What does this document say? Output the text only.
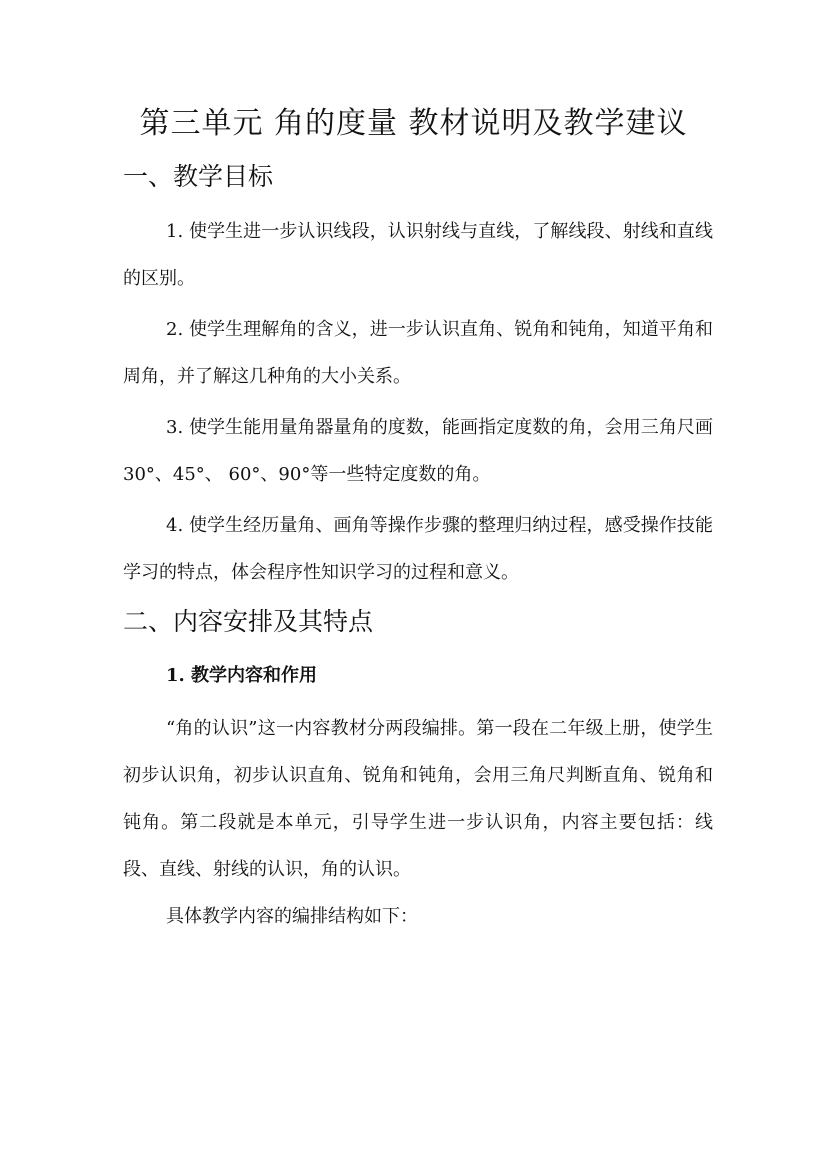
第三单元 角的度量 教材说明及教学建议
一、教学目标

1. 使学生进一步认识线段，认识射线与直线，了解线段、射线和直线的区别。

2. 使学生理解角的含义，进一步认识直角、锐角和钝角，知道平角和周角，并了解这几种角的大小关系。

3. 使学生能用量角器量角的度数，能画指定度数的角，会用三角尺画 30°、45°、 60°、90°等一些特定度数的角。

4. 使学生经历量角、画角等操作步骤的整理归纳过程，感受操作技能学习的特点，体会程序性知识学习的过程和意义。

二、内容安排及其特点
1. 教学内容和作用

“角的认识”这一内容教材分两段编排。第一段在二年级上册，使学生初步认识角，初步认识直角、锐角和钝角，会用三角尺判断直角、锐角和钝角。第二段就是本单元，引导学生进一步认识角，内容主要包括：线段、直线、射线的认识，角的认识。

具体教学内容的编排结构如下：
